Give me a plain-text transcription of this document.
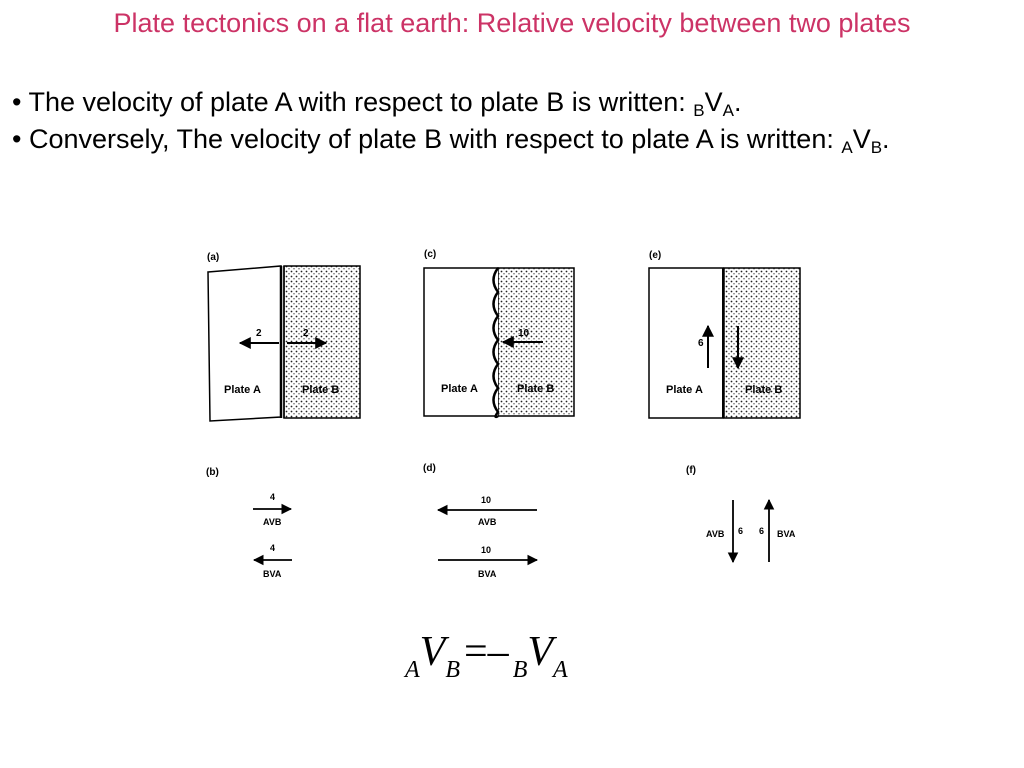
Plate tectonics on a flat earth: Relative velocity between two plates
• The velocity of plate A with respect to plate B is written: $_BV_A$.
• Conversely, The velocity of plate B with respect to plate A is written: $_AV_B$.
(a)
2	2
Plate A	Plate B
(c)
10
Plate A	Plate B
(e)
6
Plate A	Plate B
(b)
4
AVB
4
BVA
(d)
10
AVB
10
BVA
(f)
AVB 6 6 BVA
$_AV_B=-$ $_BV_A$
